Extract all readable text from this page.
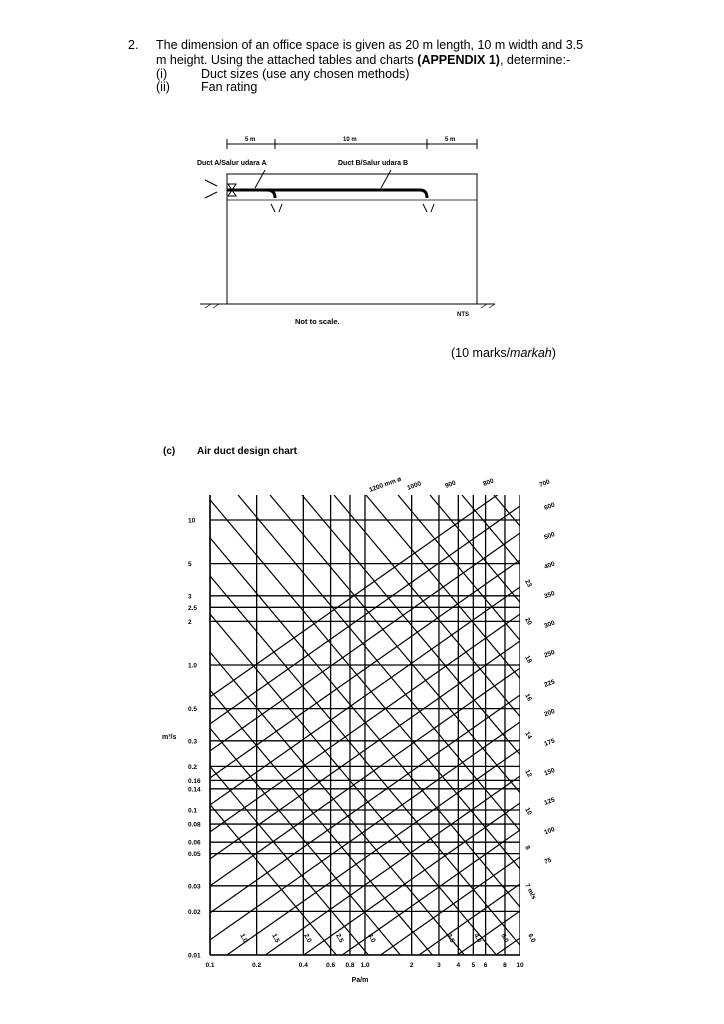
2. The dimension of an office space is given as 20 m length, 10 m width and 3.5
m height. Using the attached tables and charts (APPENDIX 1), determine:-
(i)	Duct sizes (use any chosen methods)
(ii) Fan rating
5 m	10 m	5 m
Duct A/Salur udara A	Duct B/Salur udara B
NTS
Not to scale.
(10 marks/markah)
(c) Air duct design chart
10
5
3
2.5
2
1.0
0.5
0.3
0.2
0.16
0.14
0.1
0.08
0.06
0.05
0.03
0.02
0.01
0.1	0.2	0.4	0.6 0.8 1.0	2	3 4 5 6 8 10
Pa/m
m³/s
1200 mm ø 1000	900	800	700
600
500
400
350
300
250
225
200
175
150
125
100
75
1.0	1.5	2.0	2.5	3.0	3.5	4.0	5.0	6.0
7 m/s
8
10
12
14
16
18
20
23
